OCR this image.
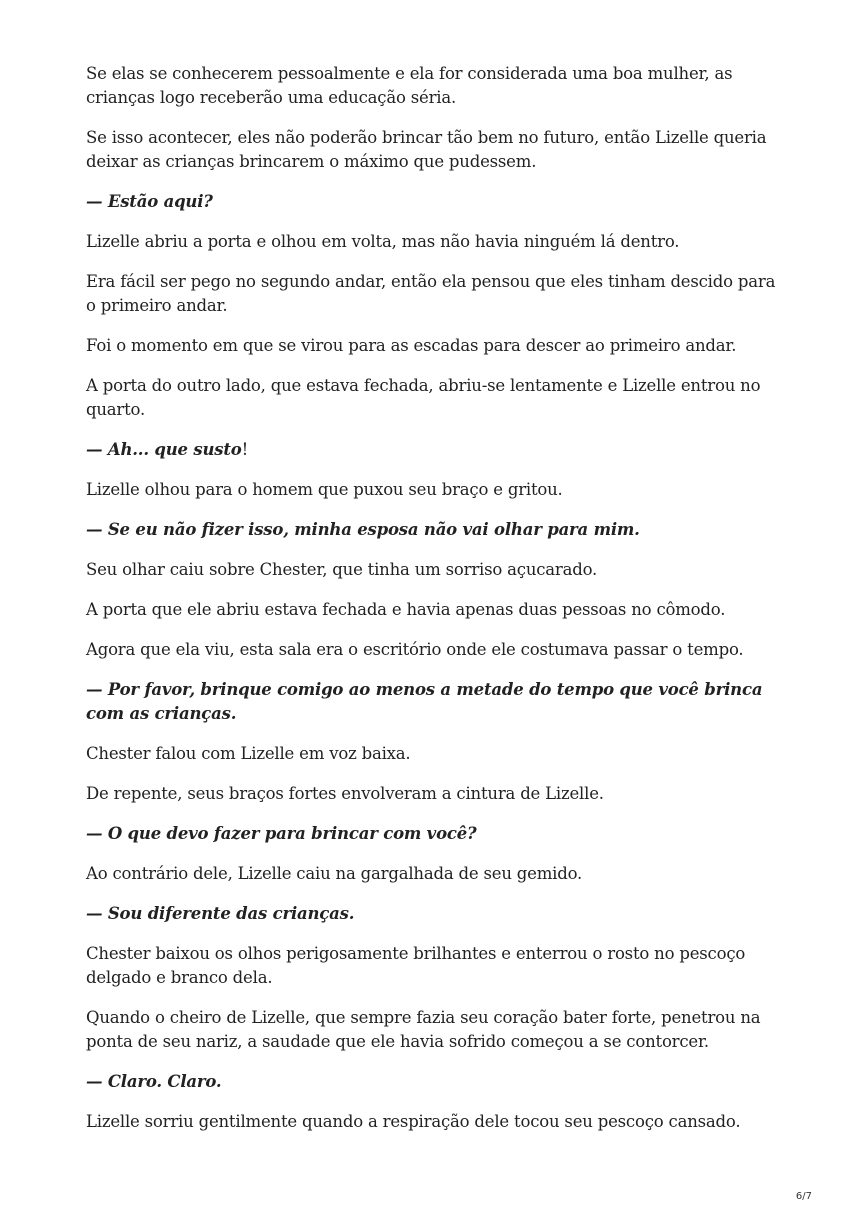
Se elas se conhecerem pessoalmente e ela for considerada uma boa mulher, as crianças logo receberão uma educação séria.

Se isso acontecer, eles não poderão brincar tão bem no futuro, então Lizelle queria deixar as crianças brincarem o máximo que pudessem.

— Estão aqui?

Lizelle abriu a porta e olhou em volta, mas não havia ninguém lá dentro.

Era fácil ser pego no segundo andar, então ela pensou que eles tinham descido para o primeiro andar.

Foi o momento em que se virou para as escadas para descer ao primeiro andar.

A porta do outro lado, que estava fechada, abriu-se lentamente e Lizelle entrou no quarto.

— Ah... que susto!

Lizelle olhou para o homem que puxou seu braço e gritou.

— Se eu não fizer isso, minha esposa não vai olhar para mim.

Seu olhar caiu sobre Chester, que tinha um sorriso açucarado.

A porta que ele abriu estava fechada e havia apenas duas pessoas no cômodo.

Agora que ela viu, esta sala era o escritório onde ele costumava passar o tempo.

— Por favor, brinque comigo ao menos a metade do tempo que você brinca com as crianças.

Chester falou com Lizelle em voz baixa.

De repente, seus braços fortes envolveram a cintura de Lizelle.

— O que devo fazer para brincar com você?

Ao contrário dele, Lizelle caiu na gargalhada de seu gemido.

— Sou diferente das crianças.

Chester baixou os olhos perigosamente brilhantes e enterrou o rosto no pescoço delgado e branco dela.

Quando o cheiro de Lizelle, que sempre fazia seu coração bater forte, penetrou na ponta de seu nariz, a saudade que ele havia sofrido começou a se contorcer.

— Claro. Claro.

Lizelle sorriu gentilmente quando a respiração dele tocou seu pescoço cansado.

6/7
